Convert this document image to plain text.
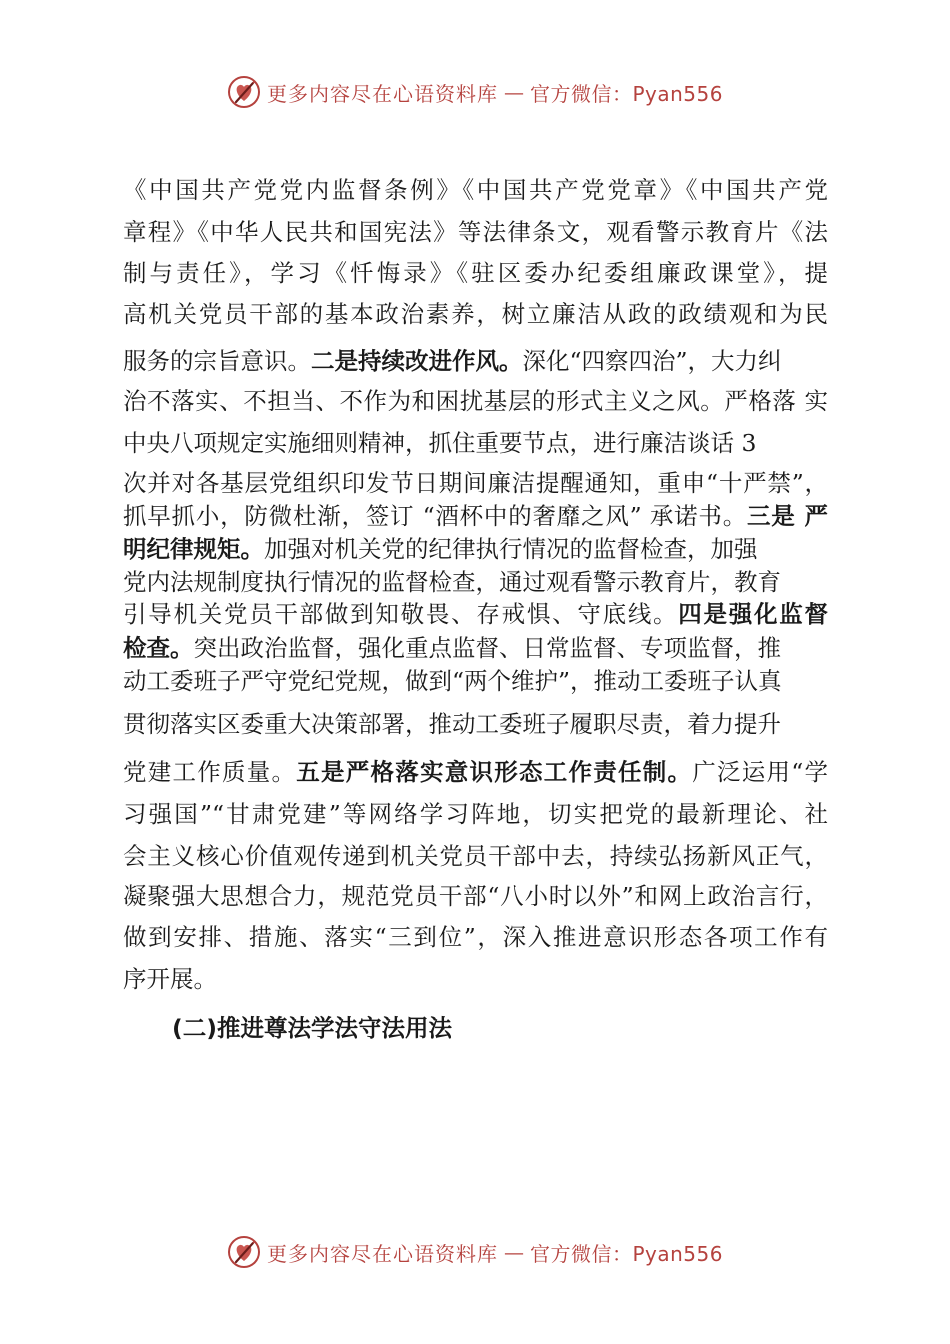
更多内容尽在心语资料库 — 官方微信：Pyan556
《中国共产党党内监督条例》《中国共产党党章》《中国共产党
章程》《中华人民共和国宪法》等法律条文，观看警示教育片《法
制与责任》，学习《忏悔录》《驻区委办纪委组廉政课堂》，提
高机关党员干部的基本政治素养，树立廉洁从政的政绩观和为民
服务的宗旨意识。二是持续改进作风。深化“四察四治”，大力纠
治不落实、不担当、不作为和困扰基层的形式主义之风。严格落 实
中央八项规定实施细则精神，抓住重要节点，进行廉洁谈话 3
次并对各基层党组织印发节日期间廉洁提醒通知，重申“十严禁”，
抓早抓小，防微杜渐，签订 “酒杯中的奢靡之风” 承诺书。三是 严
明纪律规矩。加强对机关党的纪律执行情况的监督检查，加强
党内法规制度执行情况的监督检查，通过观看警示教育片，教育
引导机关党员干部做到知敬畏、存戒惧、守底线。四是强化监督
检查。突出政治监督，强化重点监督、日常监督、专项监督，推
动工委班子严守党纪党规，做到“两个维护”，推动工委班子认真
贯彻落实区委重大决策部署，推动工委班子履职尽责，着力提升
党建工作质量。五是严格落实意识形态工作责任制。广泛运用“学
习强国”“甘肃党建”等网络学习阵地，切实把党的最新理论、社
会主义核心价值观传递到机关党员干部中去，持续弘扬新风正气，
凝聚强大思想合力，规范党员干部“八小时以外”和网上政治言行，
做到安排、措施、落实“三到位”，深入推进意识形态各项工作有
序开展。
(二)推进尊法学法守法用法
更多内容尽在心语资料库 — 官方微信：Pyan556
